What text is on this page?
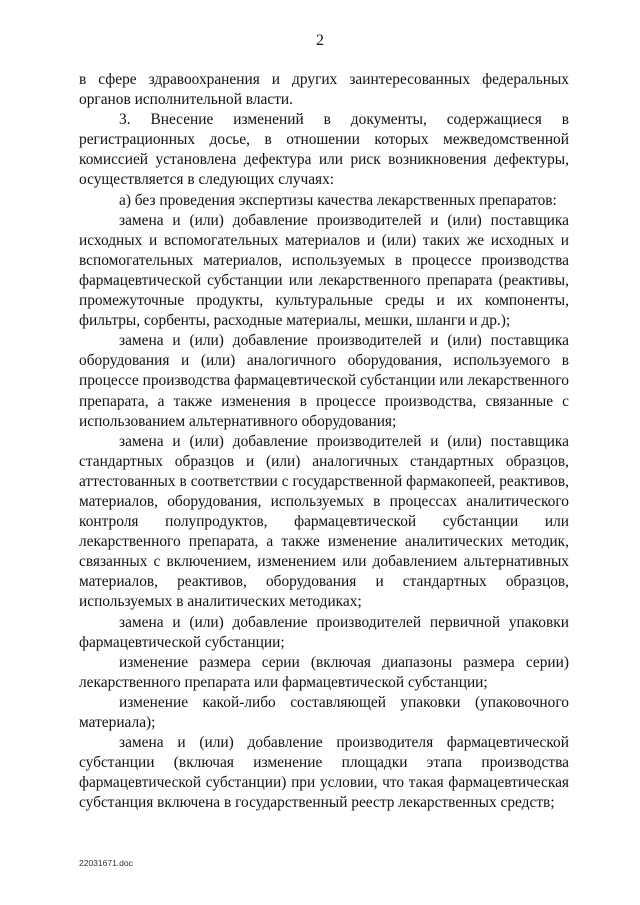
2

в сфере здравоохранения и других заинтересованных федеральных органов исполнительной власти.

3. Внесение изменений в документы, содержащиеся в регистрационных досье, в отношении которых межведомственной комиссией установлена дефектура или риск возникновения дефектуры, осуществляется в следующих случаях:

а) без проведения экспертизы качества лекарственных препаратов:

замена и (или) добавление производителей и (или) поставщика исходных и вспомогательных материалов и (или) таких же исходных и вспомогательных материалов, используемых в процессе производства фармацевтической субстанции или лекарственного препарата (реактивы, промежуточные продукты, культуральные среды и их компоненты, фильтры, сорбенты, расходные материалы, мешки, шланги и др.);

замена и (или) добавление производителей и (или) поставщика оборудования и (или) аналогичного оборудования, используемого в процессе производства фармацевтической субстанции или лекарственного препарата, а также изменения в процессе производства, связанные с использованием альтернативного оборудования;

замена и (или) добавление производителей и (или) поставщика стандартных образцов и (или) аналогичных стандартных образцов, аттестованных в соответствии с государственной фармакопеей, реактивов, материалов, оборудования, используемых в процессах аналитического контроля полупродуктов, фармацевтической субстанции или лекарственного препарата, а также изменение аналитических методик, связанных с включением, изменением или добавлением альтернативных материалов, реактивов, оборудования и стандартных образцов, используемых в аналитических методиках;

замена и (или) добавление производителей первичной упаковки фармацевтической субстанции;

изменение размера серии (включая диапазоны размера серии) лекарственного препарата или фармацевтической субстанции;

изменение какой-либо составляющей упаковки (упаковочного материала);

замена и (или) добавление производителя фармацевтической субстанции (включая изменение площадки этапа производства фармацевтической субстанции) при условии, что такая фармацевтическая субстанция включена в государственный реестр лекарственных средств;

22031671.doc
